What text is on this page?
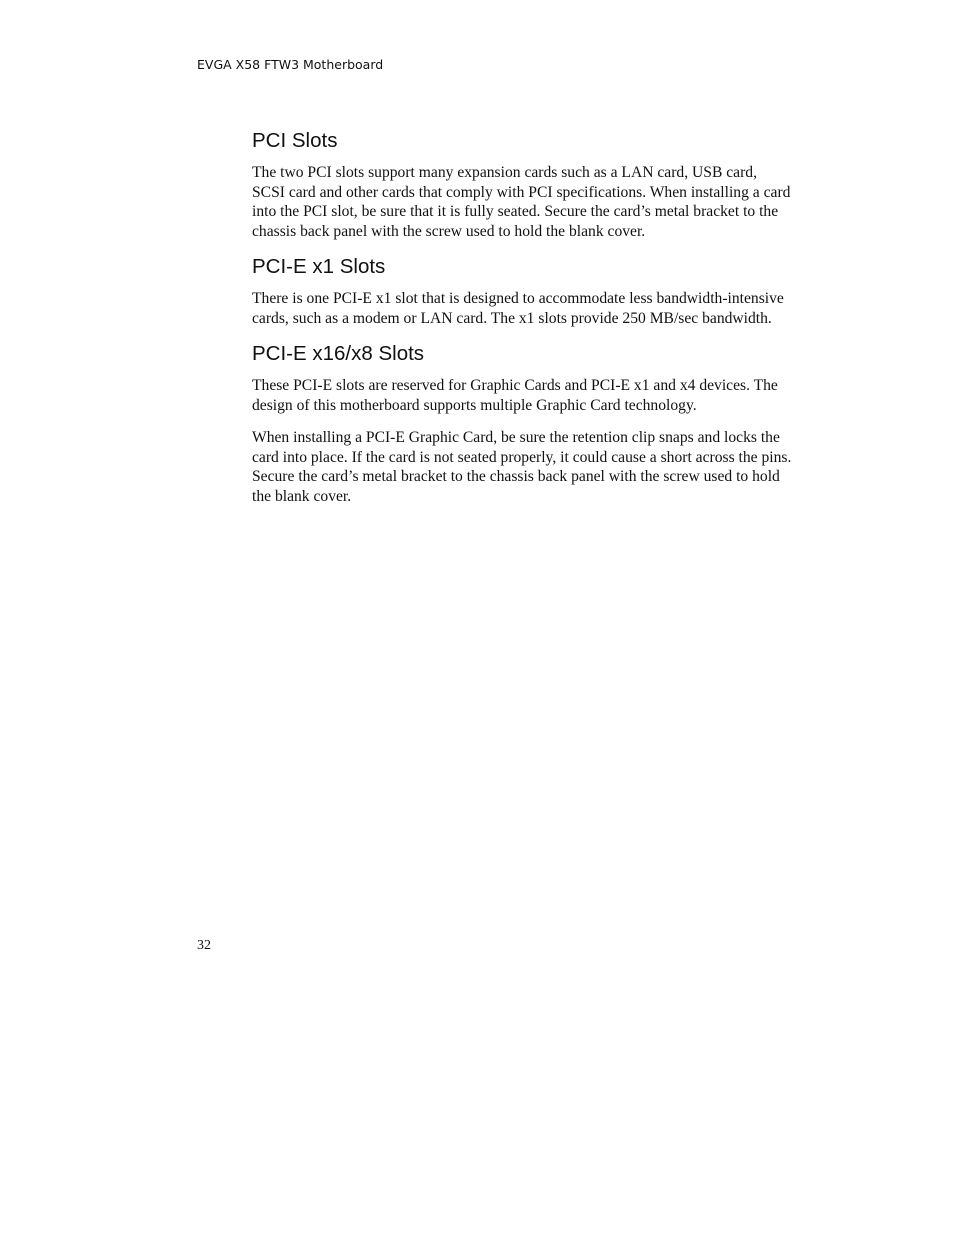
EVGA X58 FTW3 Motherboard
PCI Slots

The two PCI slots support many expansion cards such as a LAN card, USB card, SCSI card and other cards that comply with PCI specifications. When installing a card into the PCI slot, be sure that it is fully seated. Secure the card’s metal bracket to the chassis back panel with the screw used to hold the blank cover.

PCI-E x1 Slots

There is one PCI-E x1 slot that is designed to accommodate less bandwidth-intensive cards, such as a modem or LAN card. The x1 slots provide 250 MB/sec bandwidth.

PCI-E x16/x8 Slots

These PCI-E slots are reserved for Graphic Cards and PCI-E x1 and x4 devices. The design of this motherboard supports multiple Graphic Card technology.

When installing a PCI-E Graphic Card, be sure the retention clip snaps and locks the card into place. If the card is not seated properly, it could cause a short across the pins. Secure the card’s metal bracket to the chassis back panel with the screw used to hold the blank cover.

32
